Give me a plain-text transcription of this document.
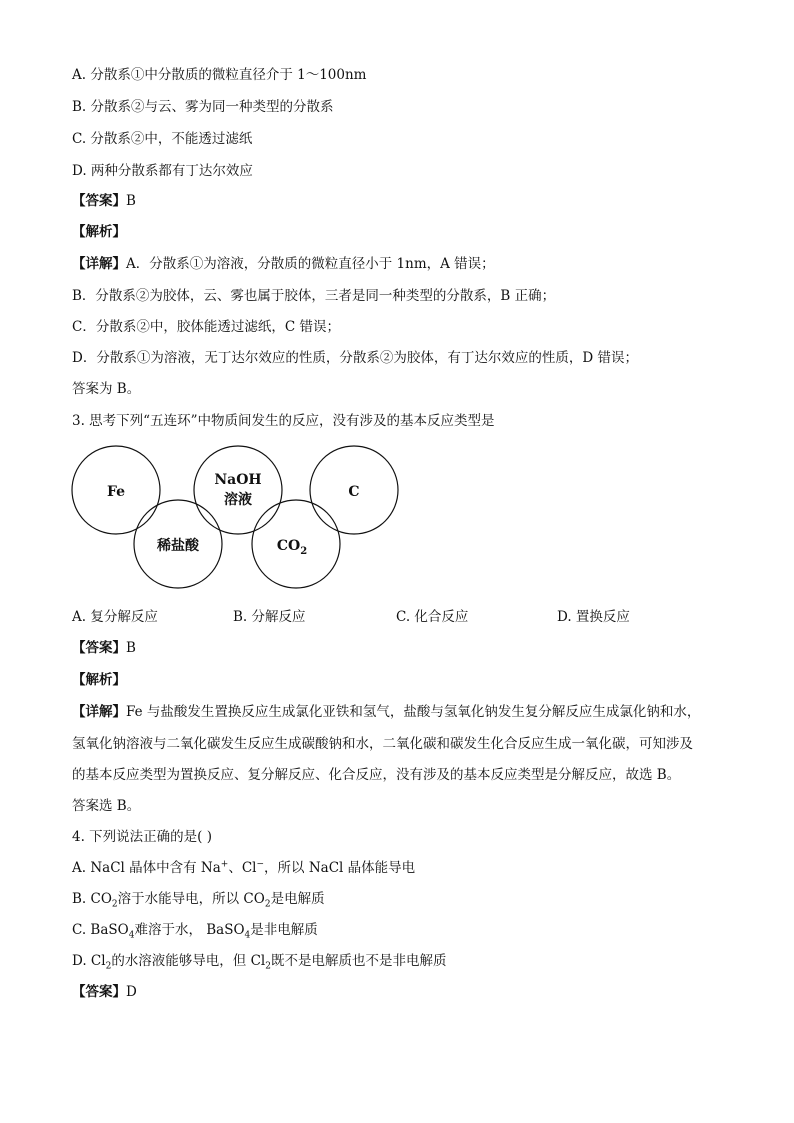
A. 分散系①中分散质的微粒直径介于 1～100nm
B. 分散系②与云、雾为同一种类型的分散系
C. 分散系②中，不能透过滤纸
D. 两种分散系都有丁达尔效应
【答案】B
【解析】
【详解】A．分散系①为溶液，分散质的微粒直径小于 1nm，A 错误；
B．分散系②为胶体，云、雾也属于胶体，三者是同一种类型的分散系，B 正确；
C．分散系②中，胶体能透过滤纸，C 错误；
D．分散系①为溶液，无丁达尔效应的性质，分散系②为胶体，有丁达尔效应的性质，D 错误；
答案为 B。
3. 思考下列“五连环”中物质间发生的反应，没有涉及的基本反应类型是
Fe
NaOH
溶液	C
稀盐酸	$CO_2$
A. 复分解反应	B. 分解反应	C. 化合反应	D. 置换反应
【答案】B
【解析】
【详解】Fe 与盐酸发生置换反应生成氯化亚铁和氢气，盐酸与氢氧化钠发生复分解反应生成氯化钠和水，
氢氧化钠溶液与二氧化碳发生反应生成碳酸钠和水，二氧化碳和碳发生化合反应生成一氧化碳，可知涉及
的基本反应类型为置换反应、复分解反应、化合反应，没有涉及的基本反应类型是分解反应，故选 B。
答案选 B。
4. 下列说法正确的是( )
A. NaCl 晶体中含有 Na+、Cl−，所以 NaCl 晶体能导电
B. $CO_2$溶于水能导电，所以 $CO_2$是电解质
C. BaSO$_4$难溶于水， BaSO$_4$是非电解质
D. $Cl_2$的水溶液能够导电，但 $Cl_2$既不是电解质也不是非电解质
【答案】D
